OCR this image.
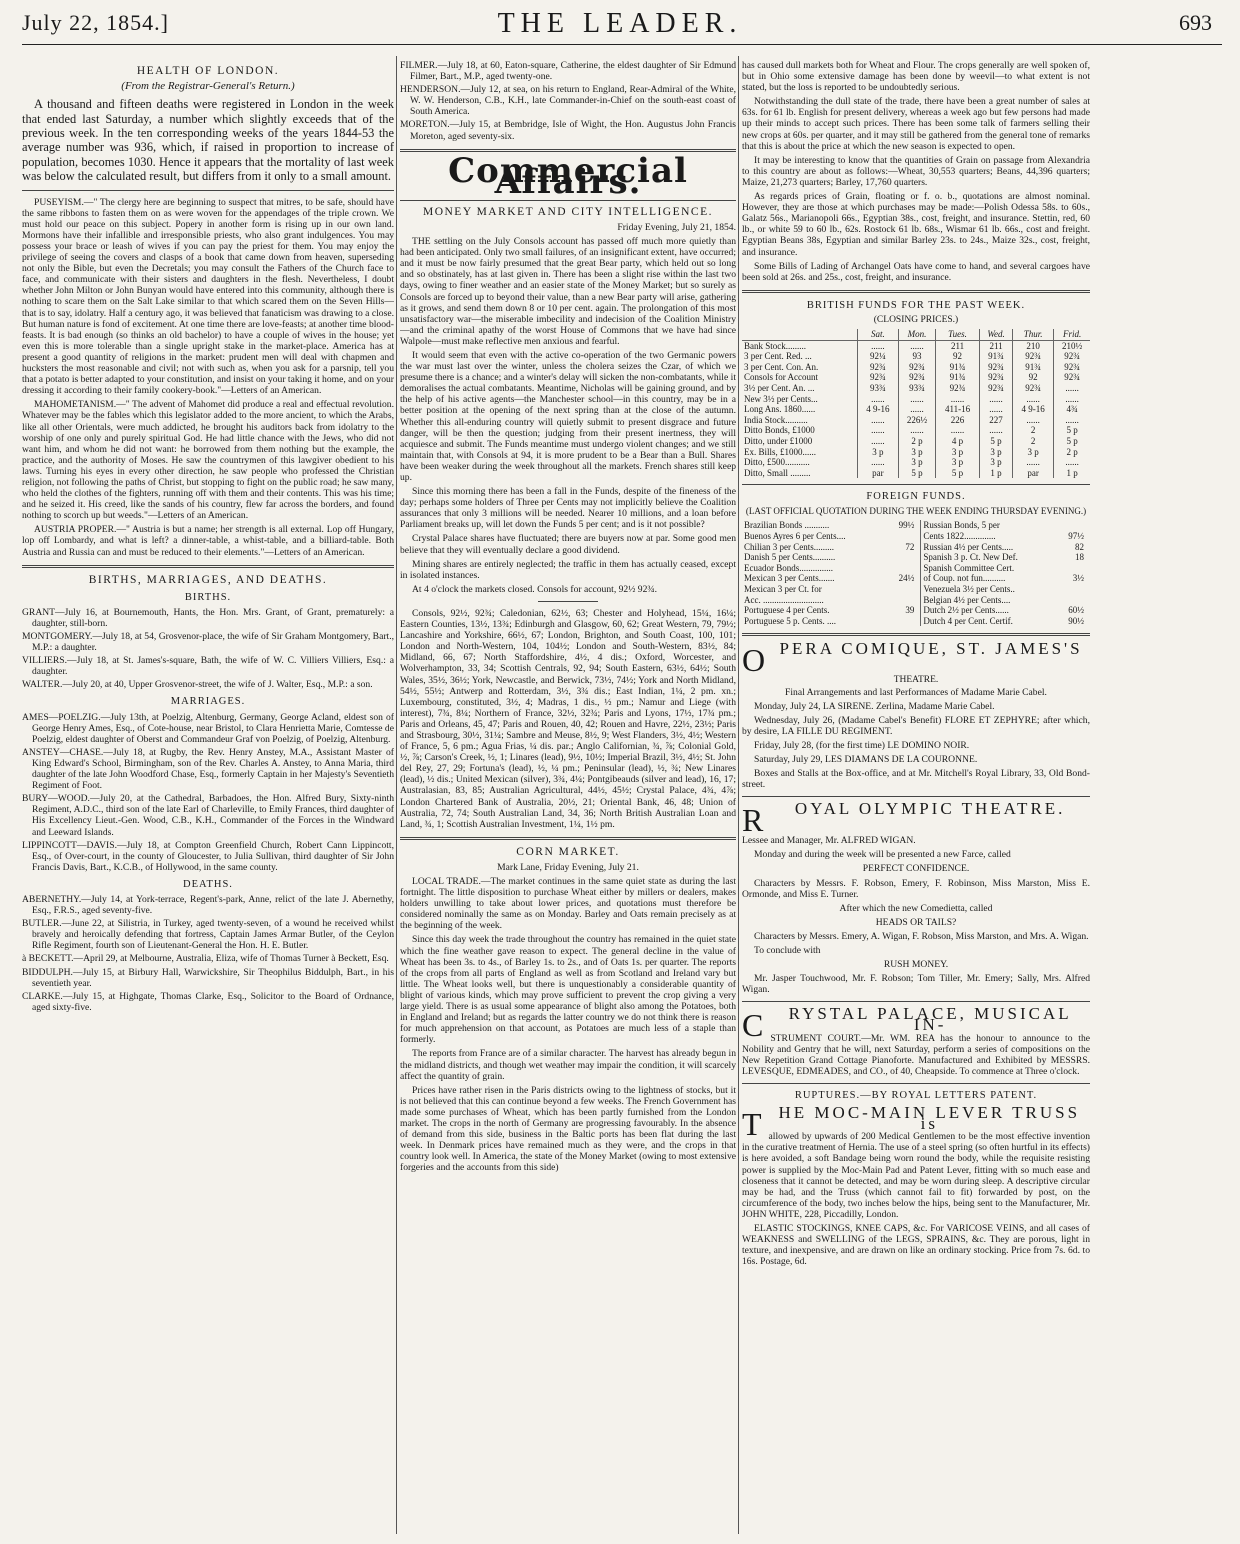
July 22, 1854.]	THE LEADER.	693
HEALTH OF LONDON.
(From the Registrar-General's Return.)

A thousand and fifteen deaths were registered in London in the week that ended last Saturday, a number which slightly exceeds that of the previous week. In the ten corresponding weeks of the years 1844-53 the average number was 936, which, if raised in proportion to increase of population, becomes 1030. Hence it appears that the mortality of last week was below the calculated result, but differs from it only to a small amount.

PUSEYISM.—" The clergy here are beginning to suspect that mitres, to be safe, should have the same ribbons to fasten them on as were woven for the appendages of the triple crown. We must hold our peace on this subject. Popery in another form is rising up in our own land. Mormons have their infallible and irresponsible priests, who also grant indulgences. You may possess your brace or leash of wives if you can pay the priest for them. You may enjoy the privilege of seeing the covers and clasps of a book that came down from heaven, superseding not only the Bible, but even the Decretals; you may consult the Fathers of the Church face to face, and communicate with their sisters and daughters in the flesh. Nevertheless, I doubt whether John Milton or John Bunyan would have entered into this community, although there is nothing to scare them on the Salt Lake similar to that which scared them on the Seven Hills—that is to say, idolatry. Half a century ago, it was believed that fanaticism was drawing to a close. But human nature is fond of excitement. At one time there are love-feasts; at another time blood-feasts. It is bad enough (so thinks an old bachelor) to have a couple of wives in the house; yet even this is more tolerable than a single upright stake in the market-place. America has at present a good quantity of religions in the market: prudent men will deal with chapmen and hucksters the most reasonable and civil; not with such as, when you ask for a parsnip, tell you that a potato is better adapted to your constitution, and insist on your taking it home, and on your dressing it according to their family cookery-book."—Letters of an American.

MAHOMETANISM.—" The advent of Mahomet did produce a real and effectual revolution. Whatever may be the fables which this legislator added to the more ancient, to which the Arabs, like all other Orientals, were much addicted, he brought his auditors back from idolatry to the worship of one only and purely spiritual God. He had little chance with the Jews, who did not want him, and whom he did not want: he borrowed from them nothing but the example, the practice, and the authority of Moses. He saw the countrymen of this lawgiver obedient to his laws. Turning his eyes in every other direction, he saw people who professed the Christian religion, not following the paths of Christ, but stopping to fight on the public road; he saw many, who held the clothes of the fighters, running off with them and their contents. This was his time; and he seized it. His creed, like the sands of his country, flew far across the borders, and found nothing to scorch up but weeds."—Letters of an American.

AUSTRIA PROPER.—" Austria is but a name; her strength is all external. Lop off Hungary, lop off Lombardy, and what is left? a dinner-table, a whist-table, and a billiard-table. Both Austria and Russia can and must be reduced to their elements."—Letters of an American.

BIRTHS, MARRIAGES, AND DEATHS.
BIRTHS.
GRANT—July 16, at Bournemouth, Hants, the Hon. Mrs. Grant, of Grant, prematurely: a daughter, still-born.
MONTGOMERY.—July 18, at 54, Grosvenor-place, the wife of Sir Graham Montgomery, Bart., M.P.: a daughter.
VILLIERS.—July 18, at St. James's-square, Bath, the wife of W. C. Villiers Villiers, Esq.: a daughter.
WALTER.—July 20, at 40, Upper Grosvenor-street, the wife of J. Walter, Esq., M.P.: a son.
MARRIAGES.
AMES—POELZIG.—July 13th, at Poelzig, Altenburg, Germany, George Acland, eldest son of George Henry Ames, Esq., of Cote-house, near Bristol, to Clara Henrietta Marie, Comtesse de Poelzig, eldest daughter of Oberst and Commandeur Graf von Poelzig, of Poelzig, Altenburg.
ANSTEY—CHASE.—July 18, at Rugby, the Rev. Henry Anstey, M.A., Assistant Master of King Edward's School, Birmingham, son of the Rev. Charles A. Anstey, to Anna Maria, third daughter of the late John Woodford Chase, Esq., formerly Captain in her Majesty's Seventieth Regiment of Foot.
BURY—WOOD.—July 20, at the Cathedral, Barbadoes, the Hon. Alfred Bury, Sixty-ninth Regiment, A.D.C., third son of the late Earl of Charleville, to Emily Frances, third daughter of His Excellency Lieut.-Gen. Wood, C.B., K.H., Commander of the Forces in the Windward and Leeward Islands.
LIPPINCOTT—DAVIS.—July 18, at Compton Greenfield Church, Robert Cann Lippincott, Esq., of Over-court, in the county of Gloucester, to Julia Sullivan, third daughter of Sir John Francis Davis, Bart., K.C.B., of Hollywood, in the same county.
DEATHS.
ABERNETHY.—July 14, at York-terrace, Regent's-park, Anne, relict of the late J. Abernethy, Esq., F.R.S., aged seventy-five.
BUTLER.—June 22, at Silistria, in Turkey, aged twenty-seven, of a wound he received whilst bravely and heroically defending that fortress, Captain James Armar Butler, of the Ceylon Rifle Regiment, fourth son of Lieutenant-General the Hon. H. E. Butler.
à BECKETT.—April 29, at Melbourne, Australia, Eliza, wife of Thomas Turner à Beckett, Esq.
BIDDULPH.—July 15, at Birbury Hall, Warwickshire, Sir Theophilus Biddulph, Bart., in his seventieth year.
CLARKE.—July 15, at Highgate, Thomas Clarke, Esq., Solicitor to the Board of Ordnance, aged sixty-five.
FILMER.—July 18, at 60, Eaton-square, Catherine, the eldest daughter of Sir Edmund Filmer, Bart., M.P., aged twenty-one.
HENDERSON.—July 12, at sea, on his return to England, Rear-Admiral of the White, W. W. Henderson, C.B., K.H., late Commander-in-Chief on the south-east coast of South America.
MORETON.—July 15, at Bembridge, Isle of Wight, the Hon. Augustus John Francis Moreton, aged seventy-six.
Commercial Affairs.
MONEY MARKET AND CITY INTELLIGENCE.

Friday Evening, July 21, 1854.

THE settling on the July Consols account has passed off much more quietly than had been anticipated. Only two small failures, of an insignificant extent, have occurred; and it must be now fairly presumed that the great Bear party, which held out so long and so obstinately, has at last given in. There has been a slight rise within the last two days, owing to finer weather and an easier state of the Money Market; but so surely as Consols are forced up to beyond their value, than a new Bear party will arise, gathering as it grows, and send them down 8 or 10 per cent. again. The prolongation of this most unsatisfactory war—the miserable imbecility and indecision of the Coalition Ministry—and the criminal apathy of the worst House of Commons that we have had since Walpole—must make reflective men anxious and fearful.

It would seem that even with the active co-operation of the two Germanic powers the war must last over the winter, unless the cholera seizes the Czar, of which we presume there is a chance; and a winter's delay will sicken the non-combatants, while it demoralises the actual combatants. Meantime, Nicholas will be gaining ground, and by the help of his active agents—the Manchester school—in this country, may be in a better position at the opening of the next spring than at the close of the autumn. Whether this all-enduring country will quietly submit to present disgrace and future danger, will be then the question; judging from their present inertness, they will acquiesce and submit. The Funds meantime must undergo violent changes; and we still maintain that, with Consols at 94, it is more prudent to be a Bear than a Bull. Shares have been weaker during the week throughout all the markets. French shares still keep up.

Since this morning there has been a fall in the Funds, despite of the fineness of the day; perhaps some holders of Three per Cents may not implicitly believe the Coalition assurances that only 3 millions will be needed. Nearer 10 millions, and a loan before Parliament breaks up, will let down the Funds 5 per cent; and is it not possible?

Crystal Palace shares have fluctuated; there are buyers now at par. Some good men believe that they will eventually declare a good dividend.

Mining shares are entirely neglected; the traffic in them has actually ceased, except in isolated instances.

At 4 o'clock the markets closed. Consols for account, 92½ 92¾.

Consols, 92½, 92¾; Caledonian, 62½, 63; Chester and Holyhead, 15¼, 16¼; Eastern Counties, 13½, 13¾; Edinburgh and Glasgow, 60, 62; Great Western, 79, 79½; Lancashire and Yorkshire, 66½, 67; London, Brighton, and South Coast, 100, 101; London and North-Western, 104, 104½; London and South-Western, 83½, 84; Midland, 66, 67; North Staffordshire, 4½, 4 dis.; Oxford, Worcester, and Wolverhampton, 33, 34; Scottish Centrals, 92, 94; South Eastern, 63½, 64½; South Wales, 35½, 36½; York, Newcastle, and Berwick, 73½, 74½; York and North Midland, 54½, 55½; Antwerp and Rotterdam, 3½, 3¾ dis.; East Indian, 1¼, 2 pm. xn.; Luxembourg, constituted, 3½, 4; Madras, 1 dis., ½ pm.; Namur and Liege (with interest), 7¾, 8¼; Northern of France, 32½, 32¾; Paris and Lyons, 17½, 17¾ pm.; Paris and Orleans, 45, 47; Paris and Rouen, 40, 42; Rouen and Havre, 22½, 23½; Paris and Strasbourg, 30½, 31¼; Sambre and Meuse, 8½, 9; West Flanders, 3½, 4½; Western of France, 5, 6 pm.; Agua Frias, ¼ dis. par.; Anglo Californian, ¾, ⅞; Colonial Gold, ½, ⅞; Carson's Creek, ½, 1; Linares (lead), 9½, 10½; Imperial Brazil, 3½, 4½; St. John del Rey, 27, 29; Fortuna's (lead), ½, ¼ pm.; Peninsular (lead), ½, ¾; New Linares (lead), ½ dis.; United Mexican (silver), 3¾, 4¼; Pontgibeauds (silver and lead), 16, 17; Australasian, 83, 85; Australian Agricultural, 44½, 45½; Crystal Palace, 4¾, 4⅞; London Chartered Bank of Australia, 20½, 21; Oriental Bank, 46, 48; Union of Australia, 72, 74; South Australian Land, 34, 36; North British Australian Loan and Land, ¾, 1; Scottish Australian Investment, 1¼, 1½ pm.

CORN MARKET.

Mark Lane, Friday Evening, July 21.

LOCAL TRADE.—The market continues in the same quiet state as during the last fortnight. The little disposition to purchase Wheat either by millers or dealers, makes holders unwilling to take about lower prices, and quotations must therefore be considered nominally the same as on Monday. Barley and Oats remain precisely as at the beginning of the week.

Since this day week the trade throughout the country has remained in the quiet state which the fine weather gave reason to expect. The general decline in the value of Wheat has been 3s. to 4s., of Barley 1s. to 2s., and of Oats 1s. per quarter. The reports of the crops from all parts of England as well as from Scotland and Ireland vary but little. The Wheat looks well, but there is unquestionably a considerable quantity of blight of various kinds, which may prove sufficient to prevent the crop giving a very large yield. There is as usual some appearance of blight also among the Potatoes, both in England and Ireland; but as regards the latter country we do not think there is reason for much apprehension on that account, as Potatoes are much less of a staple than formerly.

The reports from France are of a similar character. The harvest has already begun in the midland districts, and though wet weather may impair the condition, it will scarcely affect the quantity of grain.

Prices have rather risen in the Paris districts owing to the lightness of stocks, but it is not believed that this can continue beyond a few weeks. The French Government has made some purchases of Wheat, which has been partly furnished from the London market. The crops in the north of Germany are progressing favourably. In the absence of demand from this side, business in the Baltic ports has been flat during the last week. In Denmark prices have remained much as they were, and the crops in that country look well. In America, the state of the Money Market (owing to most extensive forgeries and the accounts from this side)

has caused dull markets both for Wheat and Flour. The crops generally are well spoken of, but in Ohio some extensive damage has been done by weevil—to what extent is not stated, but the loss is reported to be undoubtedly serious.

Notwithstanding the dull state of the trade, there have been a great number of sales at 63s. for 61 lb. English for present delivery, whereas a week ago but few persons had made up their minds to accept such prices. There has been some talk of farmers selling their new crops at 60s. per quarter, and it may still be gathered from the general tone of remarks that this is about the price at which the new season is expected to open.

It may be interesting to know that the quantities of Grain on passage from Alexandria to this country are about as follows:—Wheat, 30,553 quarters; Beans, 44,396 quarters; Maize, 21,273 quarters; Barley, 17,760 quarters.

As regards prices of Grain, floating or f. o. b., quotations are almost nominal. However, they are those at which purchases may be made:—Polish Odessa 58s. to 60s., Galatz 56s., Marianopoli 66s., Egyptian 38s., cost, freight, and insurance. Stettin, red, 60 lb., or white 59 to 60 lb., 62s. Rostock 61 lb. 68s., Wismar 61 lb. 66s., cost and freight. Egyptian Beans 38s, Egyptian and similar Barley 23s. to 24s., Maize 32s., cost, freight, and insurance.

Some Bills of Lading of Archangel Oats have come to hand, and several cargoes have been sold at 26s. and 25s., cost, freight, and insurance.

BRITISH FUNDS FOR THE PAST WEEK.
(CLOSING PRICES.)
	Sat.	Mon.	Tues.	Wed.	Thur.	Frid.
Bank Stock.........	......	......	211	211	210	210½
3 per Cent. Red. ...	92¼	93	92	91¾	92¾	92¾
3 per Cent. Con. An.	92¾	92¾	91¾	92¾	91¾	92¾
Consols for Account	92¾	92¾	91¾	92¾	92	92¾
3½ per Cent. An. ...	93¾	93¾	92¾	92¾	92¾	......
New 3½ per Cents...	......	......	......	......	......	......
Long Ans. 1860......	4 9-16	......	411-16	......	4 9-16	4¾
India Stock..........	......	226½	226	227	......	......
Ditto Bonds, £1000	......	......	......	......	2	5 p
Ditto, under £1000	......	2 p	4 p	5 p	2	5 p
Ex. Bills, £1000......	3 p	3 p	3 p	3 p	3 p	2 p
Ditto, £500...........	......	3 p	3 p	3 p	......	......
Ditto, Small .........	par	5 p	5 p	1 p	par	1 p
FOREIGN FUNDS.
(LAST OFFICIAL QUOTATION DURING THE WEEK ENDING THURSDAY EVENING.)
Brazilian Bonds ...........	99½	Russian Bonds, 5 per	
Buenos Ayres 6 per Cents....		Cents 1822..............	97½
Chilian 3 per Cents.........	72	Russian 4½ per Cents.....	82
Danish 5 per Cents..........		Spanish 3 p. Ct. New Def.	18
Ecuador Bonds...............		Spanish Committee Cert.	
Mexican 3 per Cents.......	24½	of Coup. not fun..........	3½
Mexican 3 per Ct. for		Venezuela 3½ per Cents..	
Acc. ...........................		Belgian 4½ per Cents....	
Portuguese 4 per Cents.	39	Dutch 2½ per Cents......	60½
Portuguese 5 p. Cents. ....		Dutch 4 per Cent. Certif.	90½
OPERA COMIQUE, ST. JAMES'S
THEATRE.

Final Arrangements and last Performances of Madame Marie Cabel.

Monday, July 24, LA SIRENE. Zerlina, Madame Marie Cabel.

Wednesday, July 26, (Madame Cabel's Benefit) FLORE ET ZEPHYRE; after which, by desire, LA FILLE DU REGIMENT.

Friday, July 28, (for the first time) LE DOMINO NOIR.

Saturday, July 29, LES DIAMANS DE LA COURONNE.

Boxes and Stalls at the Box-office, and at Mr. Mitchell's Royal Library, 33, Old Bond-street.

R OYAL OLYMPIC THEATRE.

Lessee and Manager, Mr. ALFRED WIGAN.

Monday and during the week will be presented a new Farce, called

PERFECT CONFIDENCE.

Characters by Messrs. F. Robson, Emery, F. Robinson, Miss Marston, Miss E. Ormonde, and Miss E. Turner.

After which the new Comedietta, called

HEADS OR TAILS?

Characters by Messrs. Emery, A. Wigan, F. Robson, Miss Marston, and Mrs. A. Wigan.

To conclude with

RUSH MONEY.

Mr. Jasper Touchwood, Mr. F. Robson; Tom Tiller, Mr. Emery; Sally, Mrs. Alfred Wigan.

C RYSTAL PALACE, MUSICAL IN-

STRUMENT COURT.—Mr. WM. REA has the honour to announce to the Nobility and Gentry that he will, next Saturday, perform a series of compositions on the New Repetition Grand Cottage Pianoforte. Manufactured and Exhibited by MESSRS. LEVESQUE, EDMEADES, and CO., of 40, Cheapside. To commence at Three o'clock.

RUPTURES.—BY ROYAL LETTERS PATENT.
THE MOC-MAIN LEVER TRUSS is

allowed by upwards of 200 Medical Gentlemen to be the most effective invention in the curative treatment of Hernia. The use of a steel spring (so often hurtful in its effects) is here avoided, a soft Bandage being worn round the body, while the requisite resisting power is supplied by the Moc-Main Pad and Patent Lever, fitting with so much ease and closeness that it cannot be detected, and may be worn during sleep. A descriptive circular may be had, and the Truss (which cannot fail to fit) forwarded by post, on the circumference of the body, two inches below the hips, being sent to the Manufacturer, Mr. JOHN WHITE, 228, Piccadilly, London.

ELASTIC STOCKINGS, KNEE CAPS, &c. For VARICOSE VEINS, and all cases of WEAKNESS and SWELLING of the LEGS, SPRAINS, &c. They are porous, light in texture, and inexpensive, and are drawn on like an ordinary stocking. Price from 7s. 6d. to 16s. Postage, 6d.
